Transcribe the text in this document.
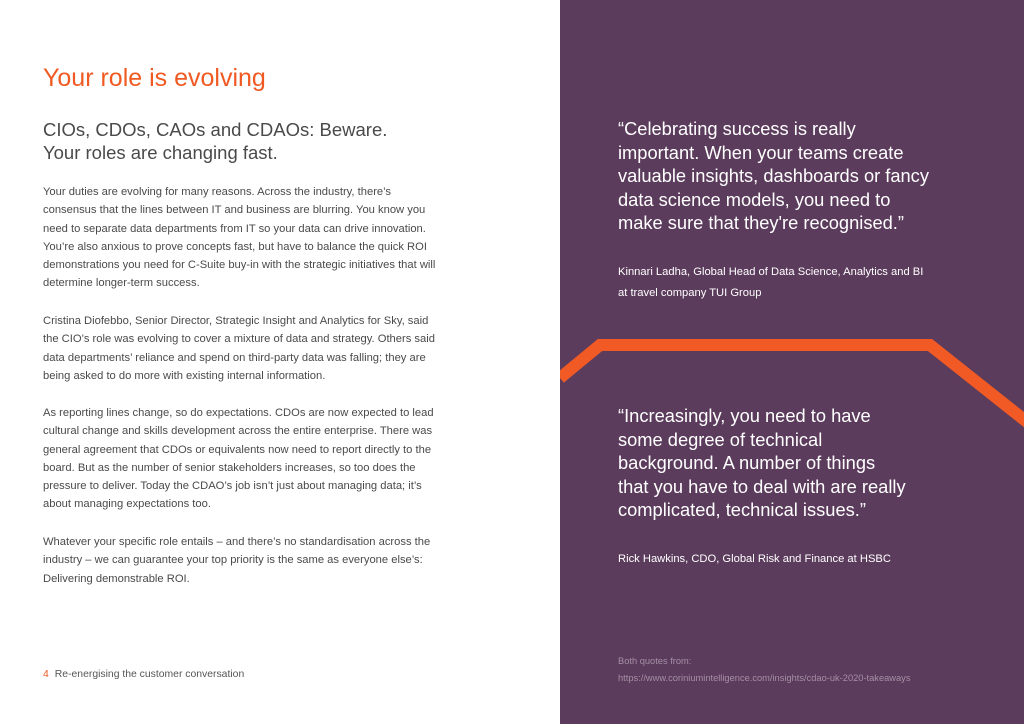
Your role is evolving

CIOs, CDOs, CAOs and CDAOs: Beware.
Your roles are changing fast.

Your duties are evolving for many reasons. Across the industry, there’s
consensus that the lines between IT and business are blurring. You know you
need to separate data departments from IT so your data can drive innovation.
You’re also anxious to prove concepts fast, but have to balance the quick ROI
demonstrations you need for C-Suite buy-in with the strategic initiatives that will
determine longer-term success.

Cristina Diofebbo, Senior Director, Strategic Insight and Analytics for Sky, said
the CIO’s role was evolving to cover a mixture of data and strategy. Others said
data departments’ reliance and spend on third-party data was falling; they are
being asked to do more with existing internal information.

As reporting lines change, so do expectations. CDOs are now expected to lead
cultural change and skills development across the entire enterprise. There was
general agreement that CDOs or equivalents now need to report directly to the
board. But as the number of senior stakeholders increases, so too does the
pressure to deliver. Today the CDAO’s job isn’t just about managing data; it’s
about managing expectations too.

Whatever your specific role entails – and there’s no standardisation across the
industry – we can guarantee your top priority is the same as everyone else’s:
Delivering demonstrable ROI.

4 Re-energising the customer conversation

“Celebrating success is really
important. When your teams create
valuable insights, dashboards or fancy
data science models, you need to
make sure that they're recognised.”

Kinnari Ladha, Global Head of Data Science, Analytics and BI
at travel company TUI Group

“Increasingly, you need to have
some degree of technical
background. A number of things
that you have to deal with are really
complicated, technical issues.”

Rick Hawkins, CDO, Global Risk and Finance at HSBC

Both quotes from:
https://www.coriniumintelligence.com/insights/cdao-uk-2020-takeaways
